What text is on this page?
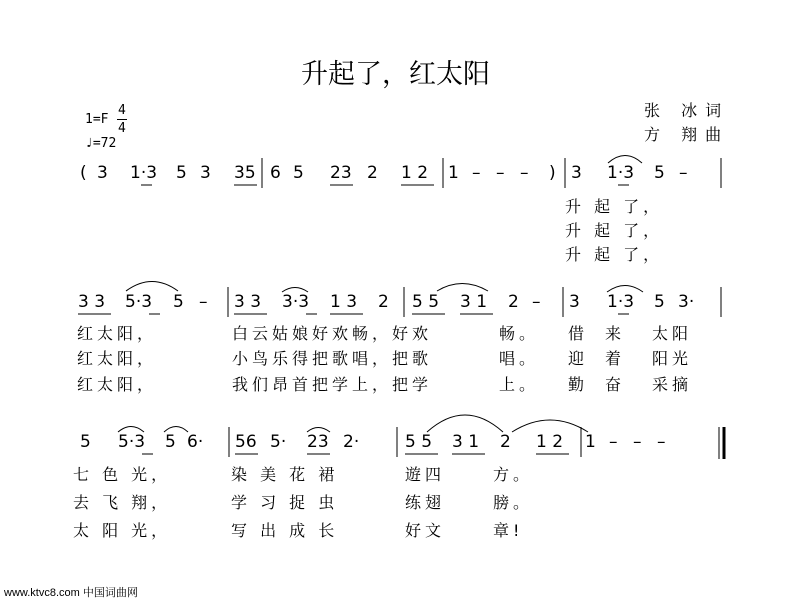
升起了，红太阳
1=F
4
4
♩=72
张 冰词
方 翔曲
( 3 1·3 5 3 35 6 5 23 2 1 2 1 – – – ) 3 1·3 5 –
升 起 了，
升 起 了，
升 起 了，
3 3 5·3 5 – 3 3 3·3 1 3 2 5 5 3 1 2 – 3 1·3 5 3·
红太阳，	白云姑娘好欢畅，好欢	畅。 借 来 太阳
红太阳，	小鸟乐得把歌唱，把歌	唱。 迎 着 阳光
红太阳，	我们昂首把学上，把学	上。 勤 奋 采摘
5 5·3 5 6· 56 5· 23 2·	5 5 3 1 2 1 2 1 – – –
七 色 光，	染 美 花 裙	遊四	方。
去 飞 翔，	学 习 捉 虫	练翅	膀。
太 阳 光，	写 出 成 长	好文	章!
www.ktvc8.com 中国词曲网
